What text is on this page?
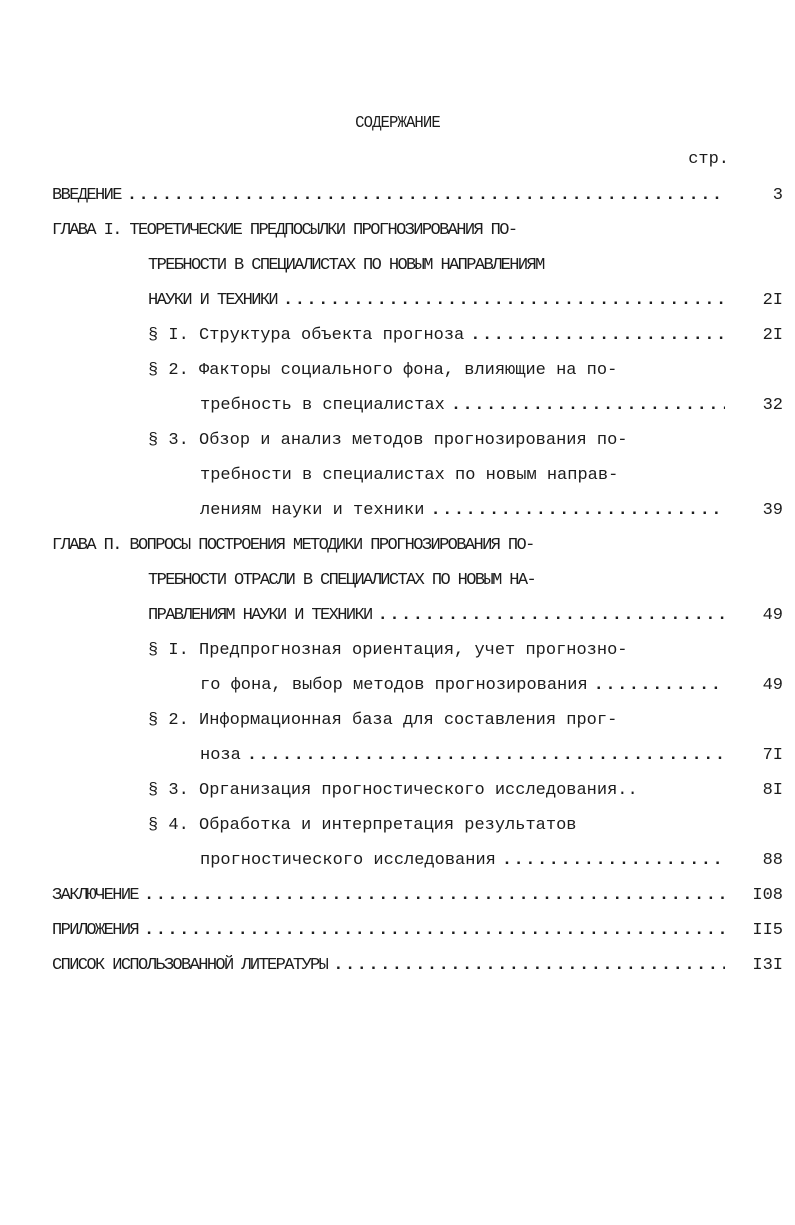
СОДЕРЖАНИЕ
стр.
ВВЕДЕНИЕ .....	3
ГЛАВА I. ТЕОРЕТИЧЕСКИЕ ПРЕДПОСЫЛКИ ПРОГНОЗИРОВАНИЯ ПО-
ТРЕБНОСТИ В СПЕЦИАЛИСТАХ ПО НОВЫМ НАПРАВЛЕНИЯМ
НАУКИ И ТЕХНИКИ .....	2I
§ I. Структура объекта прогноза .....	2I
§ 2. Факторы социального фона, влияющие на по-
требность в специалистах .....	32
§ 3. Обзор и анализ методов прогнозирования по-
требности в специалистах по новым направ-
лениям науки и техники .....	39
ГЛАВА П. ВОПРОСЫ ПОСТРОЕНИЯ МЕТОДИКИ ПРОГНОЗИРОВАНИЯ ПО-
ТРЕБНОСТИ ОТРАСЛИ В СПЕЦИАЛИСТАХ ПО НОВЫМ НА-
ПРАВЛЕНИЯМ НАУКИ И ТЕХНИКИ .....	49
§ I. Предпрогнозная ориентация, учет прогнозно-
го фона, выбор методов прогнозирования .....	49
§ 2. Информационная база для составления прог-
ноза .....	7I
§ 3. Организация прогностического исследования..	8I
§ 4. Обработка и интерпретация результатов
прогностического исследования .....	88
ЗАКЛЮЧЕНИЕ .....	I08
ПРИЛОЖЕНИЯ .....	II5
СПИСОК ИСПОЛЬЗОВАННОЙ ЛИТЕРАТУРЫ .....	I3I
